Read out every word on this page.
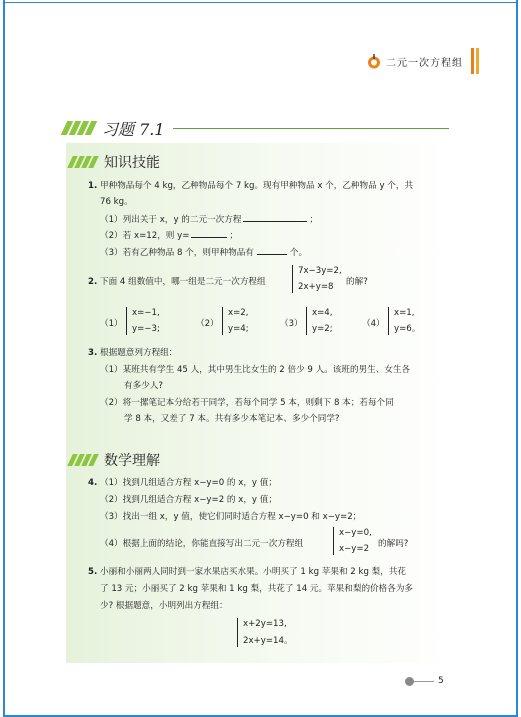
二元一次方程组
习题 7.1
知识技能
1. 甲种物品每个 4 kg，乙种物品每个 7 kg。现有甲种物品 x 个，乙种物品 y 个，共
76 kg。
（1）列出关于 x，y 的二元一次方程	；
（2）若 x=12，则 y=	；
（3）若有乙种物品 8 个，则甲种物品有	个。
2. 下面 4 组数值中，哪一组是二元一次方程组
7x−3y=2,
2x+y=8	的解?
（1）
x=−1,
y=−3;	（2）
x=2,
y=4;	（3）
x=4,
y=2;	（4）
x=1,
y=6。
3. 根据题意列方程组：
（1）某班共有学生 45 人，其中男生比女生的 2 倍少 9 人。该班的男生、女生各
有多少人?
（2）将一摞笔记本分给若干同学，若每个同学 5 本，则剩下 8 本；若每个同
学 8 本，又差了 7 本。共有多少本笔记本、多少个同学?
数学理解
4. （1）找到几组适合方程 x−y=0 的 x，y 值；
（2）找到几组适合方程 x−y=2 的 x，y 值；
（3）找出一组 x，y 值，使它们同时适合方程 x−y=0 和 x−y=2；
（4）根据上面的结论，你能直接写出二元一次方程组
x−y=0,
x−y=2	的解吗?
5. 小丽和小丽两人同时到一家水果店买水果。小明买了 1 kg 苹果和 2 kg 梨，共花
了 13 元；小丽买了 2 kg 苹果和 1 kg 梨，共花了 14 元。苹果和梨的价格各为多
少? 根据题意，小明列出方程组：
x+2y=13,
2x+y=14。
5
